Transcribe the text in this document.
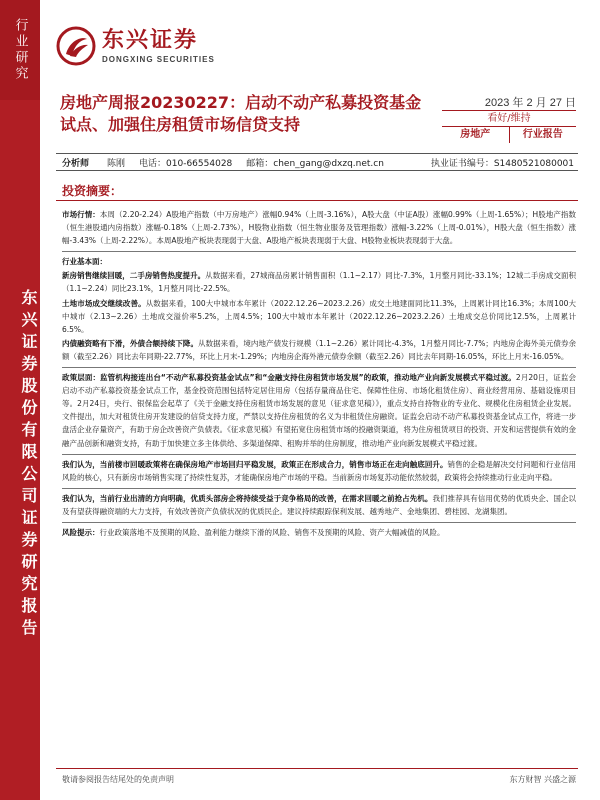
行业研究
东兴证券股份有限公司证券研究报告
东兴证券
DONGXING SECURITIES
房地产周报20230227：启动不动产私募投资基金试点、加强住房租赁市场信贷支持
2023 年 2 月 27 日
看好/维持
房地产	行业报告
分析师 陈刚 电话：010-66554028 邮箱：chen_gang@dxzq.net.cn	执业证书编号：S1480521080001
投资摘要：

市场行情：本周（2.20-2.24）A股地产指数（中万房地产）涨幅0.94%（上周-3.16%），A股大盘（中证A股）涨幅0.99%（上周-1.65%）；H股地产指数（恒生港股通内房指数）涨幅-0.18%（上周-2.73%），H股物业指数（恒生物业服务及管理指数）涨幅-3.22%（上周-0.01%），H股大盘（恒生指数）涨幅-3.43%（上周-2.22%）。本周A股地产板块表现弱于大盘、A股地产板块表现弱于大盘、H股物业板块表现弱于大盘。

行业基本面：

新房销售继续回暖，二手房销售热度提升。从数据来看，27城商品房累计销售面积（1.1~2.17）同比-7.3%，1月整月同比-33.1%；12城二手房成交面积（1.1~2.24）同比23.1%，1月整月同比-22.5%。

土地市场成交继续改善。从数据来看，100大中城市本年累计（2022.12.26~2023.2.26）成交土地建面同比11.3%，上周累计同比16.3%；本周100大中城市（2.13~2.26）土地成交溢价率5.2%，上周4.5%；100大中城市本年累计（2022.12.26~2023.2.26）土地成交总价同比12.5%，上周累计6.5%。

内债融资略有下滑，外债合额持续下降。从数据来看，境内地产债发行规模（1.1~2.26）累计同比-4.3%，1月整月同比-7.7%；内地房企海外美元债券余额（截至2.26）同比去年同期-22.77%，环比上月末-1.29%；内地房企海外港元债券余额（截至2.26）同比去年同期-16.05%，环比上月末-16.05%。

政策层面：监管机构接连出台“不动产私募投资基金试点”和“金融支持住房租赁市场发展”的政策，推动地产业向新发展模式平稳过渡。2月20日，证监会启动不动产私募投资基金试点工作，基金投资范围包括特定居住用房（包括存量商品住宅、保障性住房、市场化租赁住房）、商业经营用房、基础设施项目等。2月24日，央行、银保监会起草了《关于金融支持住房租赁市场发展的意见（征求意见稿）》，重点支持自持物业的专业化、规模化住房租赁企业发展。文件提出，加大对租赁住房开发建设的信贷支持力度，严禁以支持住房租赁的名义为非租赁住房融资。证监会启动不动产私募投资基金试点工作，将进一步盘活企业存量资产，有助于房企改善资产负债表。《征求意见稿》有望拓宽住房租赁市场的投融资渠道，将为住房租赁项目的投资、开发和运营提供有效的金融产品创新和融资支持，有助于加快建立多主体供给、多渠道保障、租购并举的住房制度，推动地产业向新发展模式平稳过渡。

我们认为，当前楼市回暖政策将在确保房地产市场回归平稳发展，政策正在形成合力，销售市场正在走向触底回升。销售的企稳是解决交付问题和行业信用风险的核心，只有新房市场销售实现了持续性复苏，才能确保房地产市场的平稳。当前新房市场复苏动能依然较弱，政策将会持续推动行业走向平稳。

我们认为，当前行业出清的方向明确，优质头部房企将持续受益于竞争格局的改善，在需求回暖之前抢占先机。我们推荐具有信用优势的优质央企、国企以及有望获得融资端的大力支持，有效改善资产负债状况的优质民企。建议持续跟踪保利发展、越秀地产、金地集团、碧桂园、龙湖集团。

风险提示：行业政策落地不及预期的风险、盈利能力继续下滑的风险、销售不及预期的风险、资产大幅减值的风险。

敬请参阅报告结尾处的免责声明	东方财智 兴盛之源
